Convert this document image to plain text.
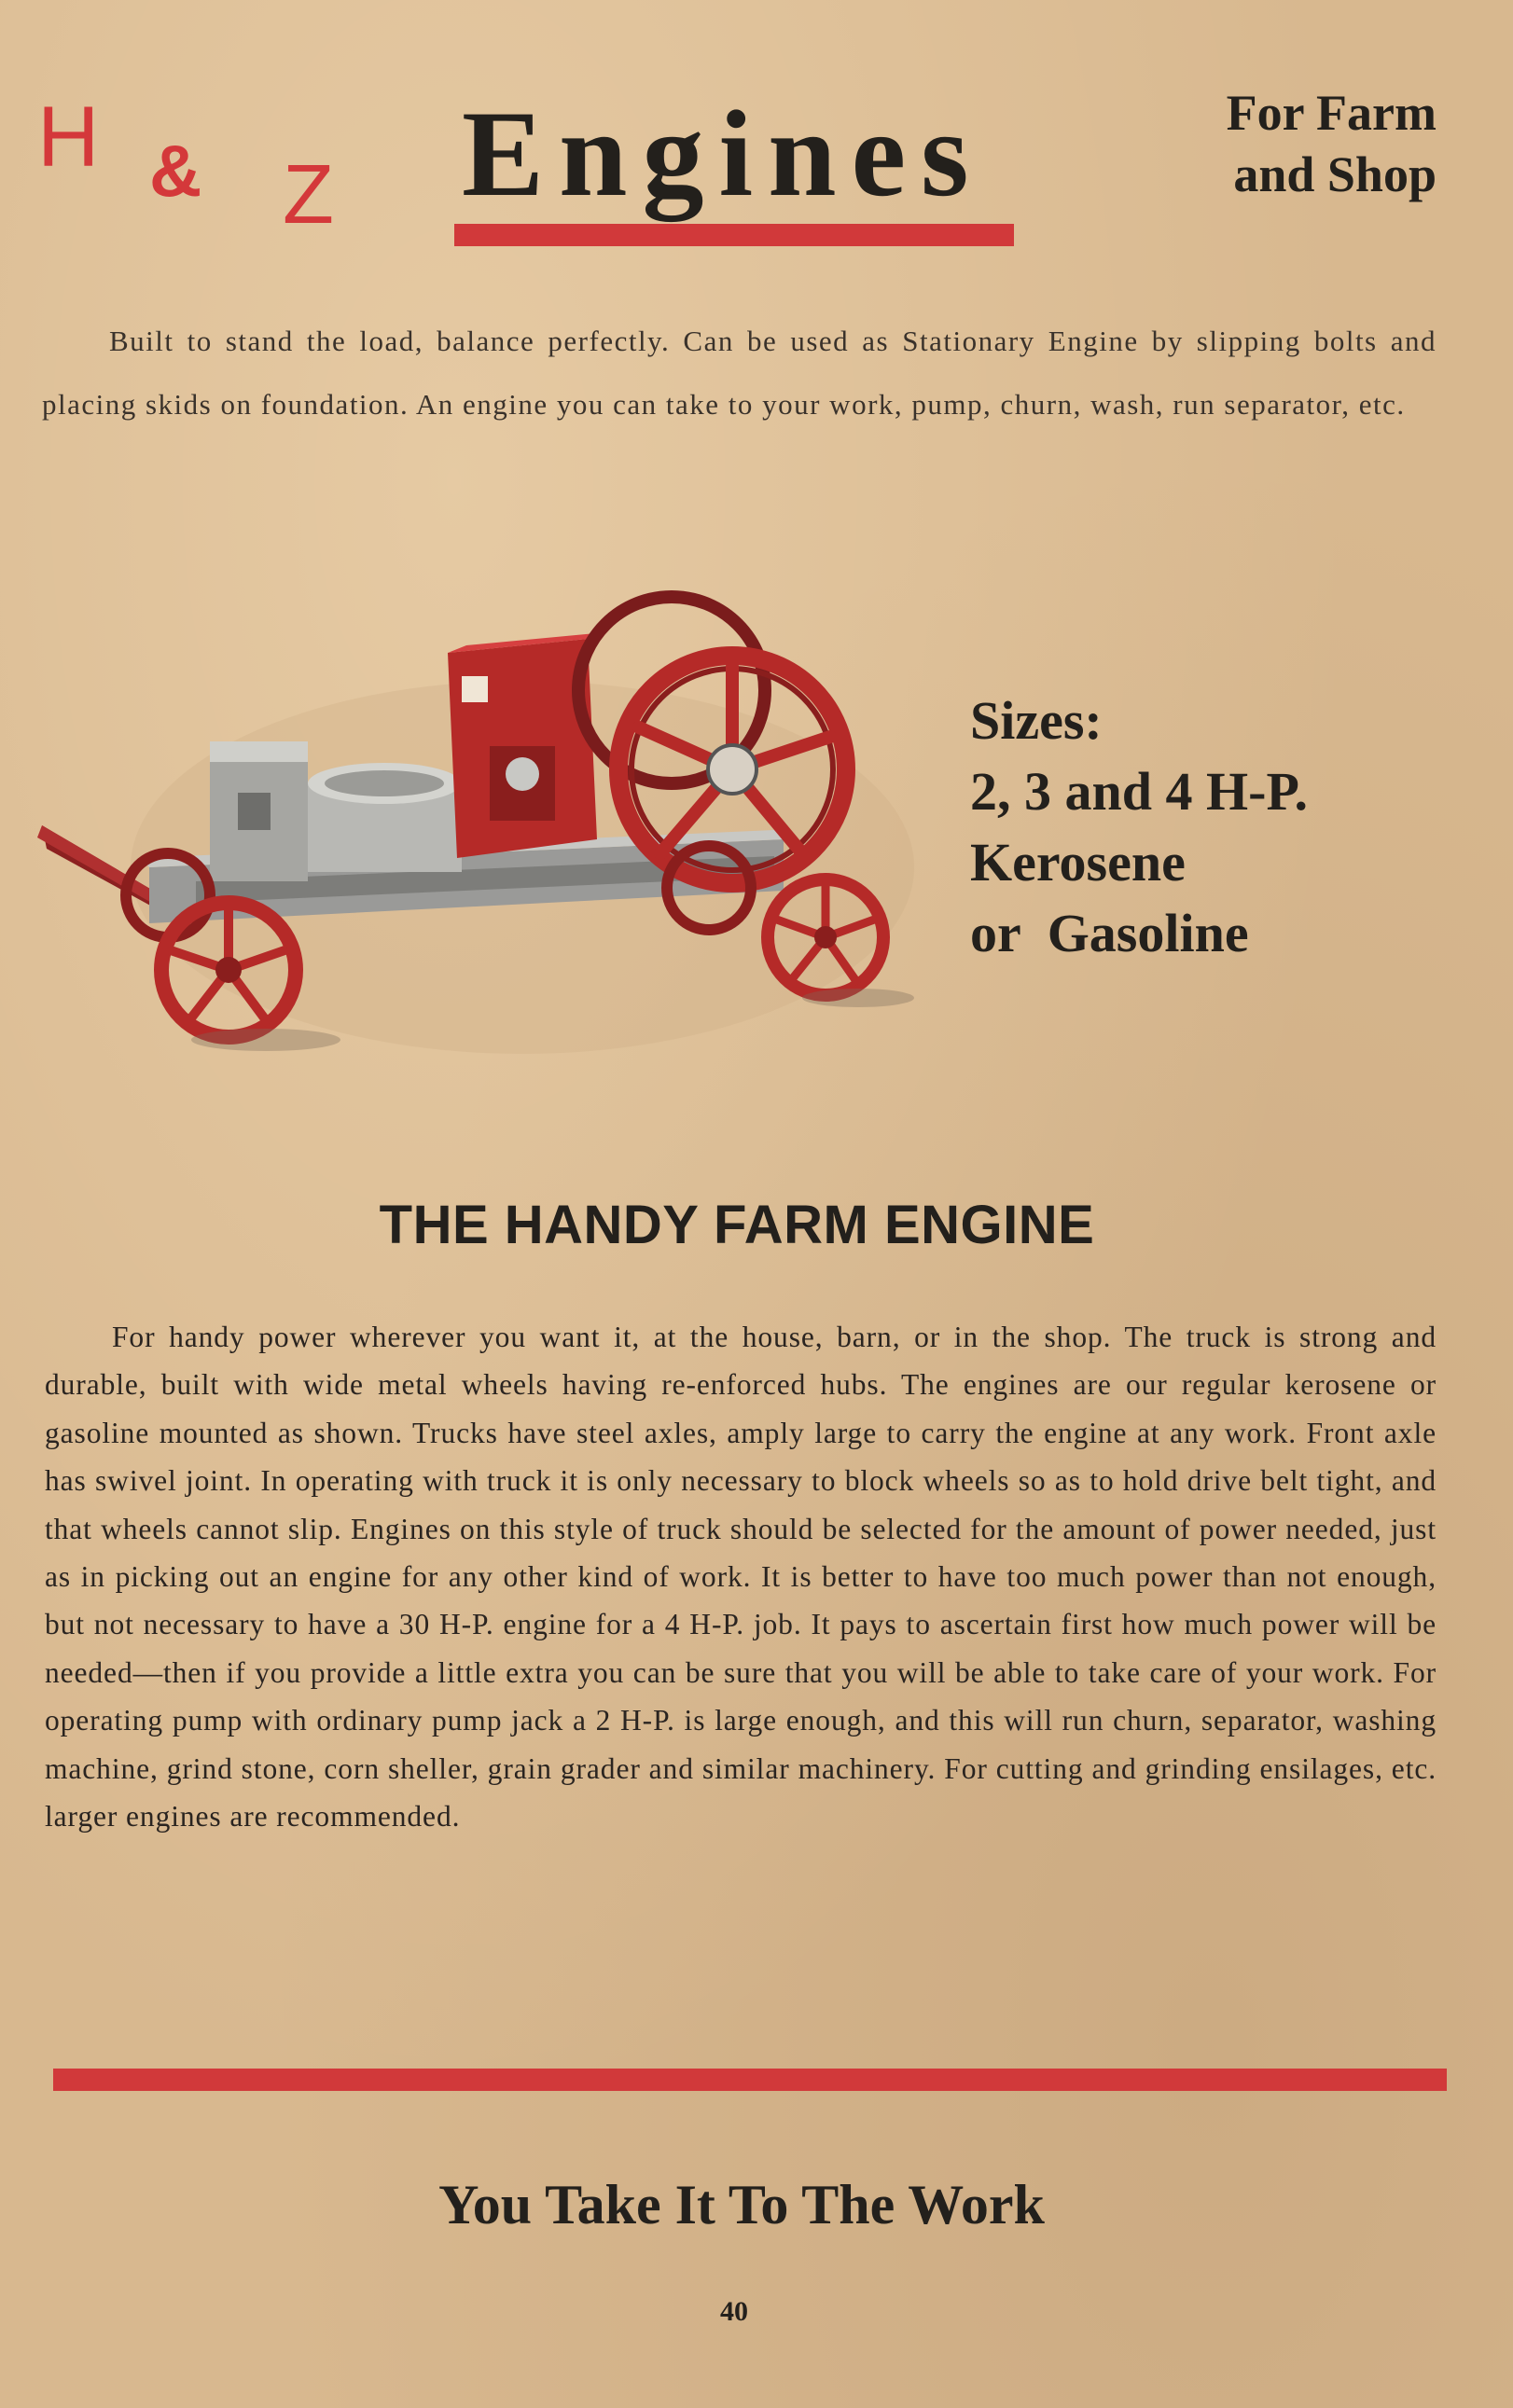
H & Z Engines	For Farm
and Shop
Built to stand the load, balance perfectly. Can be used as Stationary Engine by slipping bolts and placing skids on foundation. An engine you can take to your work, pump, churn, wash, run separator, etc.
Sizes:
2, 3 and 4 H-P.
Kerosene
or  Gasoline
THE HANDY FARM ENGINE
For handy power wherever you want it, at the house, barn, or in the shop. The truck is strong and durable, built with wide metal wheels having re-enforced hubs. The engines are our regular kerosene or gasoline mounted as shown. Trucks have steel axles, amply large to carry the engine at any work. Front axle has swivel joint. In operating with truck it is only necessary to block wheels so as to hold drive belt tight, and that wheels cannot slip. Engines on this style of truck should be selected for the amount of power needed, just as in picking out an engine for any other kind of work. It is better to have too much power than not enough, but not necessary to have a 30 H-P. engine for a 4 H-P. job. It pays to ascertain first how much power will be needed—then if you provide a little extra you can be sure that you will be able to take care of your work. For operating pump with ordinary pump jack a 2 H-P. is large enough, and this will run churn, separator, washing machine, grind stone, corn sheller, grain grader and similar machinery. For cutting and grinding ensilages, etc. larger engines are recommended.
You Take It To The Work
40
